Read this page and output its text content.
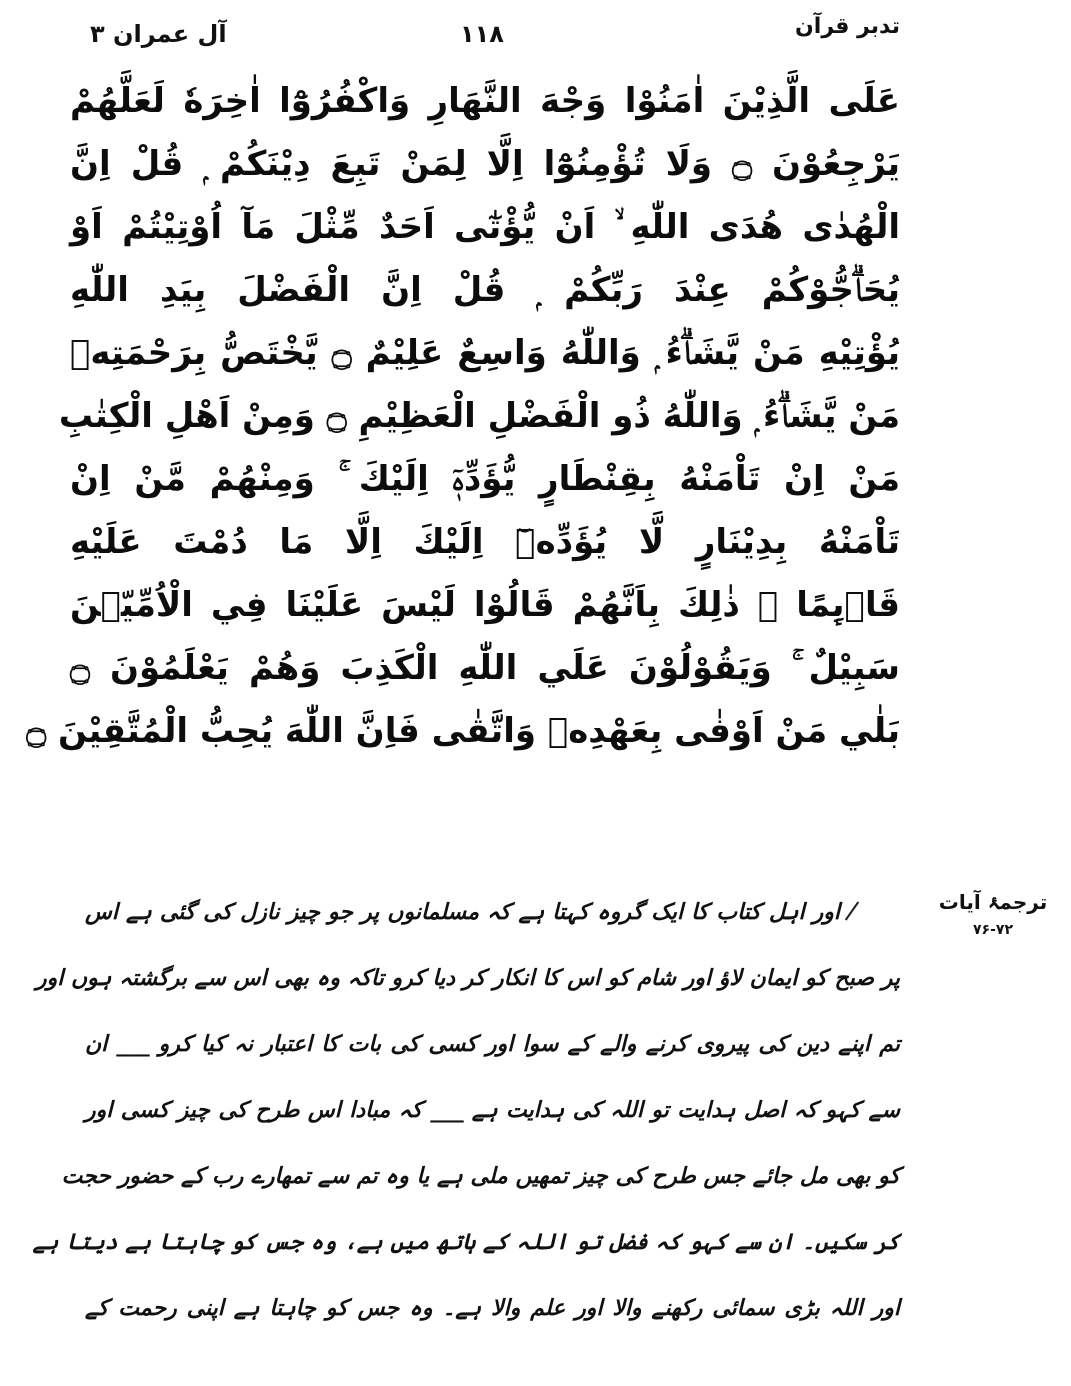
آل عمران ۳	۱۱۸	تدبر قرآن
عَلَى الَّذِيْنَ اٰمَنُوْا وَجْهَ النَّهَارِ وَاكْفُرُوْٓا اٰخِرَهٗ لَعَلَّهُمْ
يَرْجِعُوْنَ ۝ وَلَا تُؤْمِنُوْٓا اِلَّا لِمَنْ تَبِعَ دِيْنَكُمْ ۭ قُلْ اِنَّ
الْهُدٰى هُدَى اللّٰهِ ۙ اَنْ يُّؤْتٰٓى اَحَدٌ مِّثْلَ مَآ اُوْتِيْتُمْ اَوْ
يُحَاۗجُّوْكُمْ عِنْدَ رَبِّكُمْ ۭ قُلْ اِنَّ الْفَضْلَ بِيَدِ اللّٰهِ
يُؤْتِيْهِ مَنْ يَّشَاۗءُ ۭ وَاللّٰهُ وَاسِعٌ عَلِيْمٌ ۝ يَّخْتَصُّ بِرَحْمَتِهٖ
مَنْ يَّشَاۗءُ ۭ وَاللّٰهُ ذُو الْفَضْلِ الْعَظِيْمِ ۝ وَمِنْ اَھْلِ الْكِتٰبِ
مَنْ اِنْ تَاْمَنْهُ بِقِنْطَارٍ يُّؤَدِّهٖٓ اِلَيْكَ ۚ وَمِنْھُمْ مَّنْ اِنْ
تَاْمَنْهُ بِدِيْنَارٍ لَّا يُؤَدِّهٖٓ اِلَيْكَ اِلَّا مَا دُمْتَ عَلَيْهِ
قَاۗىِٕمًا ۭ ذٰلِكَ بِاَنَّھُمْ قَالُوْا لَيْسَ عَلَيْنَا فِي الْاُمِّيّٖنَ
سَبِيْلٌ ۚ وَيَقُوْلُوْنَ عَلَي اللّٰهِ الْكَذِبَ وَھُمْ يَعْلَمُوْنَ ۝
بَلٰي مَنْ اَوْفٰى بِعَهْدِهٖ وَاتَّقٰى فَاِنَّ اللّٰهَ يُحِبُّ الْمُتَّقِيْنَ ۝
ترجمۂ آیات
۷۶-۷۲
اور اہل کتاب کا ایک گروہ کہتا ہے کہ مسلمانوں پر جو چیز نازل کی گئی ہے اس
پر صبح کو ایمان لاؤ اور شام کو اس کا انکار کر دیا کرو تاکہ وہ بھی اس سے برگشتہ ہوں اور
تم اپنے دین کی پیروی کرنے والے کے سوا اور کسی کی بات کا اعتبار نہ کیا کرو ___ ان
سے کہو کہ اصل ہدایت تو اللہ کی ہدایت ہے ___ کہ مبادا اس طرح کی چیز کسی اور
کو بھی مل جائے جس طرح کی چیز تمھیں ملی ہے یا وہ تم سے تمھارے رب کے حضور حجت
کر سکیں۔ ان سے کہو کہ فضل تو اللہ کے ہاتھ میں ہے، وہ جس کو چاہتا ہے دیتا ہے
اور اللہ بڑی سمائی رکھنے والا اور علم والا ہے۔ وہ جس کو چاہتا ہے اپنی رحمت کے
